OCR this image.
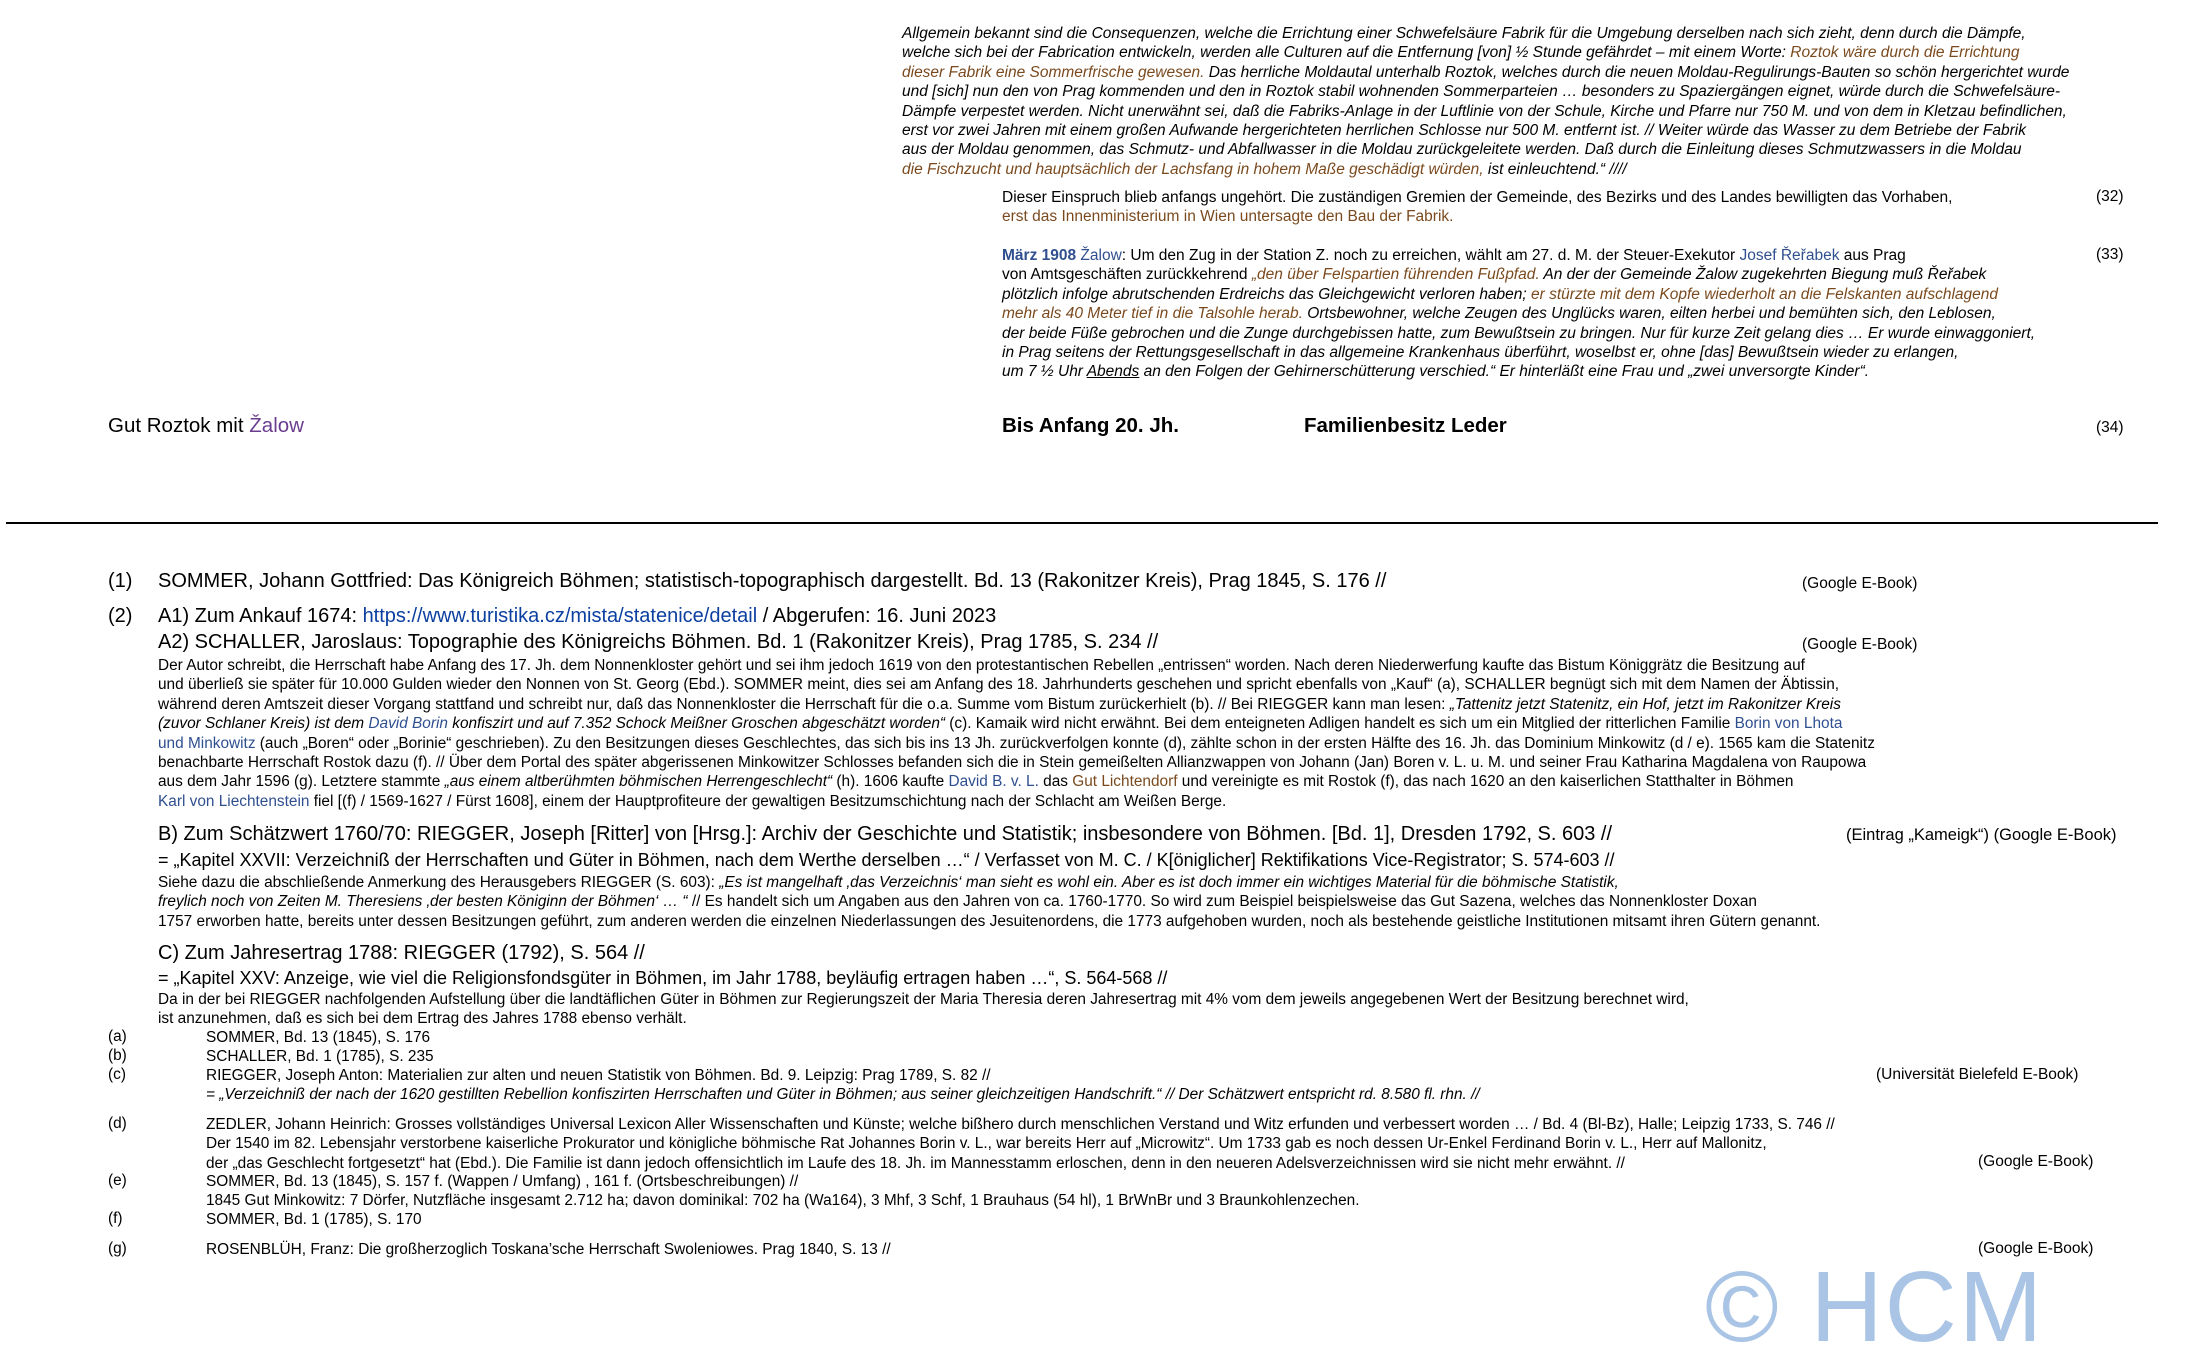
Allgemein bekannt sind die Consequenzen, welche die Errichtung einer Schwefelsäure Fabrik für die Umgebung derselben nach sich zieht, denn durch die Dämpfe,
welche sich bei der Fabrication entwickeln, werden alle Culturen auf die Entfernung [von] ½ Stunde gefährdet – mit einem Worte: Roztok wäre durch die Errichtung
dieser Fabrik eine Sommerfrische gewesen. Das herrliche Moldautal unterhalb Roztok, welches durch die neuen Moldau-Regulirungs-Bauten so schön hergerichtet wurde
und [sich] nun den von Prag kommenden und den in Roztok stabil wohnenden Sommerparteien … besonders zu Spaziergängen eignet, würde durch die Schwefelsäure-
Dämpfe verpestet werden. Nicht unerwähnt sei, daß die Fabriks-Anlage in der Luftlinie von der Schule, Kirche und Pfarre nur 750 M. und von dem in Kletzau befindlichen,
erst vor zwei Jahren mit einem großen Aufwande hergerichteten herrlichen Schlosse nur 500 M. entfernt ist. // Weiter würde das Wasser zu dem Betriebe der Fabrik
aus der Moldau genommen, das Schmutz- und Abfallwasser in die Moldau zurückgeleitete werden. Daß durch die Einleitung dieses Schmutzwassers in die Moldau
die Fischzucht und hauptsächlich der Lachsfang in hohem Maße geschädigt würden, ist einleuchtend.“ ////
Dieser Einspruch blieb anfangs ungehört. Die zuständigen Gremien der Gemeinde, des Bezirks und des Landes bewilligten das Vorhaben,
erst das Innenministerium in Wien untersagte den Bau der Fabrik.
(32)
März 1908 Žalow: Um den Zug in der Station Z. noch zu erreichen, wählt am 27. d. M. der Steuer-Exekutor Josef Řeřabek aus Prag
von Amtsgeschäften zurückkehrend „den über Felspartien führenden Fußpfad. An der der Gemeinde Žalow zugekehrten Biegung muß Řeřabek
plötzlich infolge abrutschenden Erdreichs das Gleichgewicht verloren haben; er stürzte mit dem Kopfe wiederholt an die Felskanten aufschlagend
mehr als 40 Meter tief in die Talsohle herab. Ortsbewohner, welche Zeugen des Unglücks waren, eilten herbei und bemühten sich, den Leblosen,
der beide Füße gebrochen und die Zunge durchgebissen hatte, zum Bewußtsein zu bringen. Nur für kurze Zeit gelang dies … Er wurde einwaggoniert,
in Prag seitens der Rettungsgesellschaft in das allgemeine Krankenhaus überführt, woselbst er, ohne [das] Bewußtsein wieder zu erlangen,
um 7 ½ Uhr Abends an den Folgen der Gehirnerschütterung verschied.“ Er hinterläßt eine Frau und „zwei unversorgte Kinder“.
(33)
Gut Roztok mit Žalow	Bis Anfang 20. Jh.	Familienbesitz Leder	(34)
(1) SOMMER, Johann Gottfried: Das Königreich Böhmen; statistisch-topographisch dargestellt. Bd. 13 (Rakonitzer Kreis), Prag 1845, S. 176 //	(Google E-Book)
(2) A1) Zum Ankauf 1674: https://www.turistika.cz/mista/statenice/detail / Abgerufen: 16. Juni 2023
A2) SCHALLER, Jaroslaus: Topographie des Königreichs Böhmen. Bd. 1 (Rakonitzer Kreis), Prag 1785, S. 234 //	(Google E-Book)
Der Autor schreibt, die Herrschaft habe Anfang des 17. Jh. dem Nonnenkloster gehört und sei ihm jedoch 1619 von den protestantischen Rebellen „entrissen“ worden. Nach deren Niederwerfung kaufte das Bistum Königgrätz die Besitzung auf
und überließ sie später für 10.000 Gulden wieder den Nonnen von St. Georg (Ebd.). SOMMER meint, dies sei am Anfang des 18. Jahrhunderts geschehen und spricht ebenfalls von „Kauf“ (a), SCHALLER begnügt sich mit dem Namen der Äbtissin,
während deren Amtszeit dieser Vorgang stattfand und schreibt nur, daß das Nonnenkloster die Herrschaft für die o.a. Summe vom Bistum zurückerhielt (b). // Bei RIEGGER kann man lesen: „Tattenitz jetzt Statenitz, ein Hof, jetzt im Rakonitzer Kreis
(zuvor Schlaner Kreis) ist dem David Borin konfiszirt und auf 7.352 Schock Meißner Groschen abgeschätzt worden“ (c). Kamaik wird nicht erwähnt. Bei dem enteigneten Adligen handelt es sich um ein Mitglied der ritterlichen Familie Borin von Lhota
und Minkowitz (auch „Boren“ oder „Borinie“ geschrieben). Zu den Besitzungen dieses Geschlechtes, das sich bis ins 13 Jh. zurückverfolgen konnte (d), zählte schon in der ersten Hälfte des 16. Jh. das Dominium Minkowitz (d / e). 1565 kam die Statenitz
benachbarte Herrschaft Rostok dazu (f). // Über dem Portal des später abgerissenen Minkowitzer Schlosses befanden sich die in Stein gemeißelten Allianzwappen von Johann (Jan) Boren v. L. u. M. und seiner Frau Katharina Magdalena von Raupowa
aus dem Jahr 1596 (g). Letztere stammte „aus einem altberühmten böhmischen Herrengeschlecht“ (h). 1606 kaufte David B. v. L. das Gut Lichtendorf und vereinigte es mit Rostok (f), das nach 1620 an den kaiserlichen Statthalter in Böhmen
Karl von Liechtenstein fiel [(f) / 1569-1627 / Fürst 1608], einem der Hauptprofiteure der gewaltigen Besitzumschichtung nach der Schlacht am Weißen Berge.
B) Zum Schätzwert 1760/70: RIEGGER, Joseph [Ritter] von [Hrsg.]: Archiv der Geschichte und Statistik; insbesondere von Böhmen. [Bd. 1], Dresden 1792, S. 603 //	(Eintrag „Kameigk“) (Google E-Book)
= „Kapitel XXVII: Verzeichniß der Herrschaften und Güter in Böhmen, nach dem Werthe derselben …“ / Verfasset von M. C. / K[öniglicher] Rektifikations Vice-Registrator; S. 574-603 //
Siehe dazu die abschließende Anmerkung des Herausgebers RIEGGER (S. 603): „Es ist mangelhaft ‚das Verzeichnis‘ man sieht es wohl ein. Aber es ist doch immer ein wichtiges Material für die böhmische Statistik,
freylich noch von Zeiten M. Theresiens ‚der besten Königinn der Böhmen‘ … “ // Es handelt sich um Angaben aus den Jahren von ca. 1760-1770. So wird zum Beispiel beispielsweise das Gut Sazena, welches das Nonnenkloster Doxan
1757 erworben hatte, bereits unter dessen Besitzungen geführt, zum anderen werden die einzelnen Niederlassungen des Jesuitenordens, die 1773 aufgehoben wurden, noch als bestehende geistliche Institutionen mitsamt ihren Gütern genannt.
C) Zum Jahresertrag 1788: RIEGGER (1792), S. 564 //
= „Kapitel XXV: Anzeige, wie viel die Religionsfondsgüter in Böhmen, im Jahr 1788, beyläufig ertragen haben …“, S. 564-568 //
Da in der bei RIEGGER nachfolgenden Aufstellung über die landtäflichen Güter in Böhmen zur Regierungszeit der Maria Theresia deren Jahresertrag mit 4% vom dem jeweils angegebenen Wert der Besitzung berechnet wird,
ist anzunehmen, daß es sich bei dem Ertrag des Jahres 1788 ebenso verhält.
(a)	SOMMER, Bd. 13 (1845), S. 176
(b)	SCHALLER, Bd. 1 (1785), S. 235
(c)	RIEGGER, Joseph Anton: Materialien zur alten und neuen Statistik von Böhmen. Bd. 9. Leipzig: Prag 1789, S. 82 //
= „Verzeichniß der nach der 1620 gestillten Rebellion konfiszirten Herrschaften und Güter in Böhmen; aus seiner gleichzeitigen Handschrift.“ // Der Schätzwert entspricht rd. 8.580 fl. rhn. //
(Universität Bielefeld E-Book)
(d)	ZEDLER, Johann Heinrich: Grosses vollständiges Universal Lexicon Aller Wissenschaften und Künste; welche bißhero durch menschlichen Verstand und Witz erfunden und verbessert worden … / Bd. 4 (Bl-Bz), Halle; Leipzig 1733, S. 746 //
Der 1540 im 82. Lebensjahr verstorbene kaiserliche Prokurator und königliche böhmische Rat Johannes Borin v. L., war bereits Herr auf „Microwitz“. Um 1733 gab es noch dessen Ur-Enkel Ferdinand Borin v. L., Herr auf Mallonitz,
der „das Geschlecht fortgesetzt“ hat (Ebd.). Die Familie ist dann jedoch offensichtlich im Laufe des 18. Jh. im Mannesstamm erloschen, denn in den neueren Adelsverzeichnissen wird sie nicht mehr erwähnt. //	(Google E-Book)
(e)	SOMMER, Bd. 13 (1845), S. 157 f. (Wappen / Umfang) , 161 f. (Ortsbeschreibungen) //
1845 Gut Minkowitz: 7 Dörfer, Nutzfläche insgesamt 2.712 ha; davon dominikal: 702 ha (Wa164), 3 Mhf, 3 Schf, 1 Brauhaus (54 hl), 1 BrWnBr und 3 Braunkohlenzechen.
(f)	SOMMER, Bd. 1 (1785), S. 170
(g)	ROSENBLÜH, Franz: Die großherzoglich Toskana’sche Herrschaft Swoleniowes. Prag 1840, S. 13 //	(Google E-Book)
© HCM
